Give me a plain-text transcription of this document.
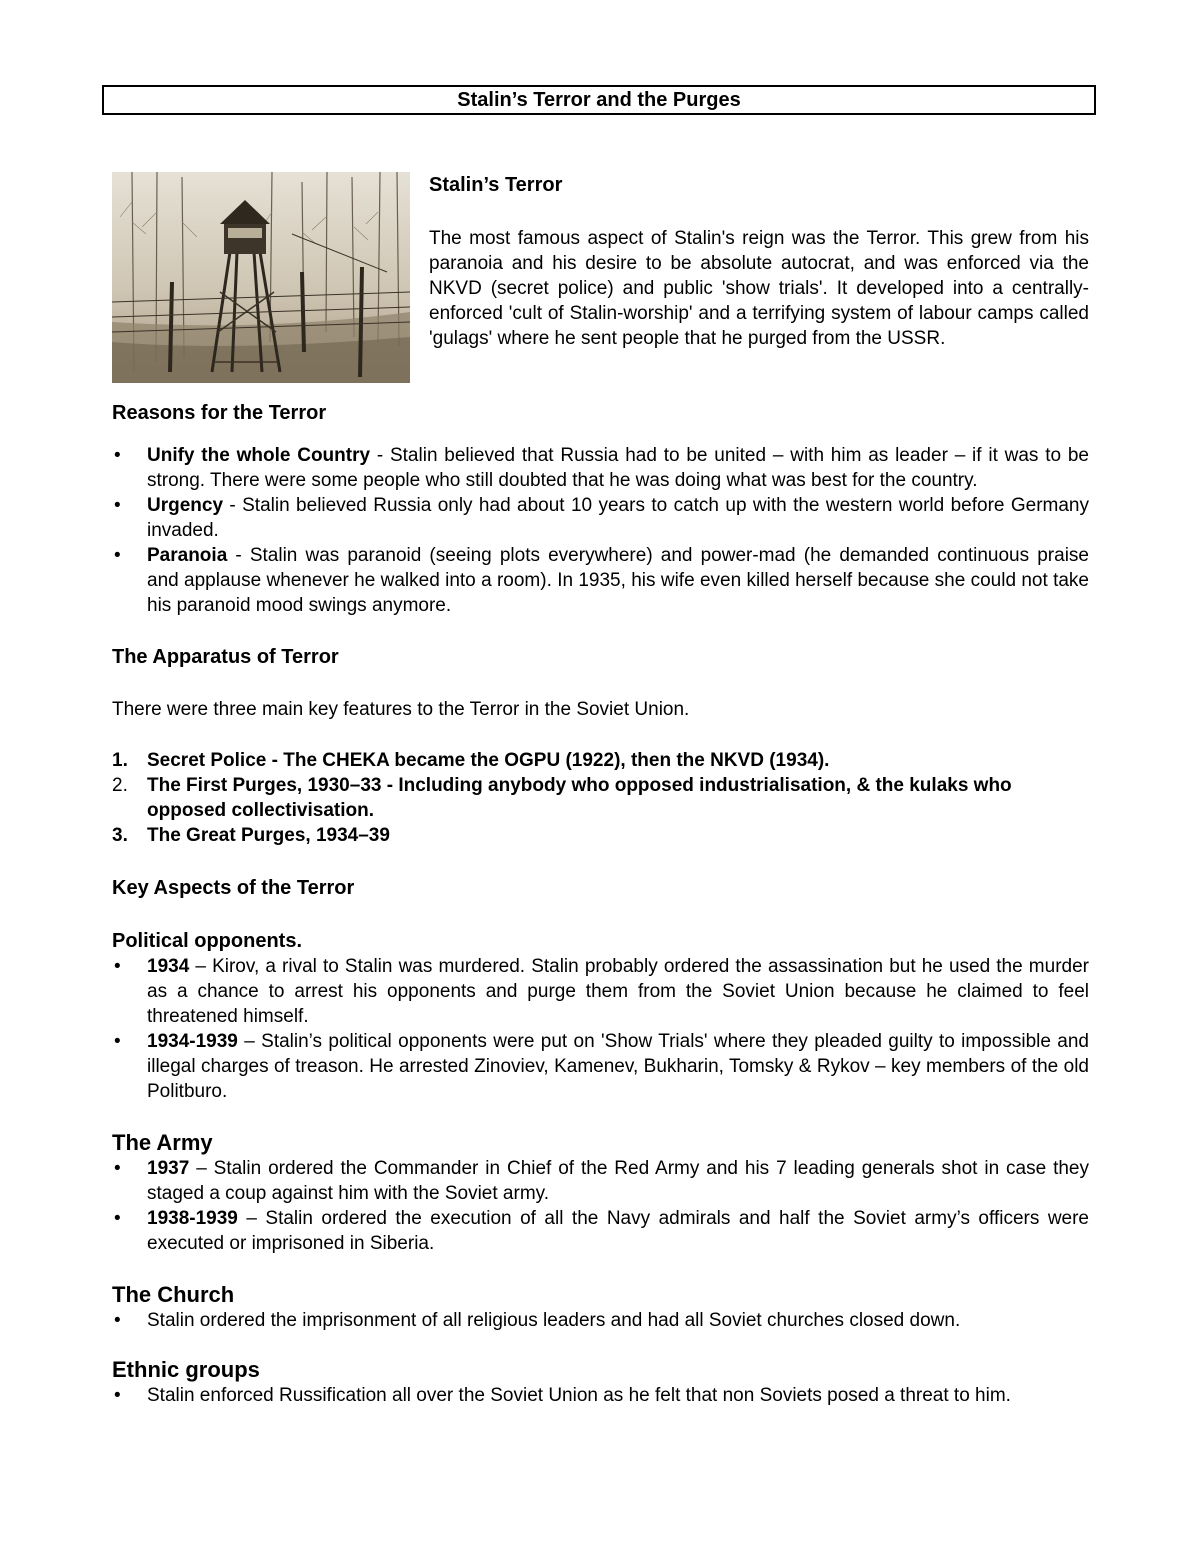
Stalin’s Terror and the Purges
Stalin’s Terror

The most famous aspect of Stalin's reign was the Terror. This grew from his paranoia and his desire to be absolute autocrat, and was enforced via the NKVD (secret police) and public 'show trials'. It developed into a centrally-enforced 'cult of Stalin-worship' and a terrifying system of labour camps called 'gulags' where he sent people that he purged from the USSR.

Reasons for the Terror
• Unify the whole Country - Stalin believed that Russia had to be united – with him as leader – if it was to be strong. There were some people who still doubted that he was doing what was best for the country.
• Urgency - Stalin believed Russia only had about 10 years to catch up with the western world before Germany invaded.
• Paranoia - Stalin was paranoid (seeing plots everywhere) and power-mad (he demanded continuous praise and applause whenever he walked into a room). In 1935, his wife even killed herself because she could not take his paranoid mood swings anymore.
The Apparatus of Terror

There were three main key features to the Terror in the Soviet Union.

1. Secret Police - The CHEKA became the OGPU (1922), then the NKVD (1934).
2. The First Purges, 1930–33 - Including anybody who opposed industrialisation, & the kulaks who opposed collectivisation.
3. The Great Purges, 1934–39
Key Aspects of the Terror
Political opponents.
• 1934 – Kirov, a rival to Stalin was murdered. Stalin probably ordered the assassination but he used the murder as a chance to arrest his opponents and purge them from the Soviet Union because he claimed to feel threatened himself.
• 1934-1939 – Stalin’s political opponents were put on 'Show Trials' where they pleaded guilty to impossible and illegal charges of treason. He arrested Zinoviev, Kamenev, Bukharin, Tomsky & Rykov – key members of the old Politburo.
The Army
• 1937 – Stalin ordered the Commander in Chief of the Red Army and his 7 leading generals shot in case they staged a coup against him with the Soviet army.
• 1938-1939 – Stalin ordered the execution of all the Navy admirals and half the Soviet army’s officers were executed or imprisoned in Siberia.
The Church
• Stalin ordered the imprisonment of all religious leaders and had all Soviet churches closed down.
Ethnic groups
• Stalin enforced Russification all over the Soviet Union as he felt that non Soviets posed a threat to him.
